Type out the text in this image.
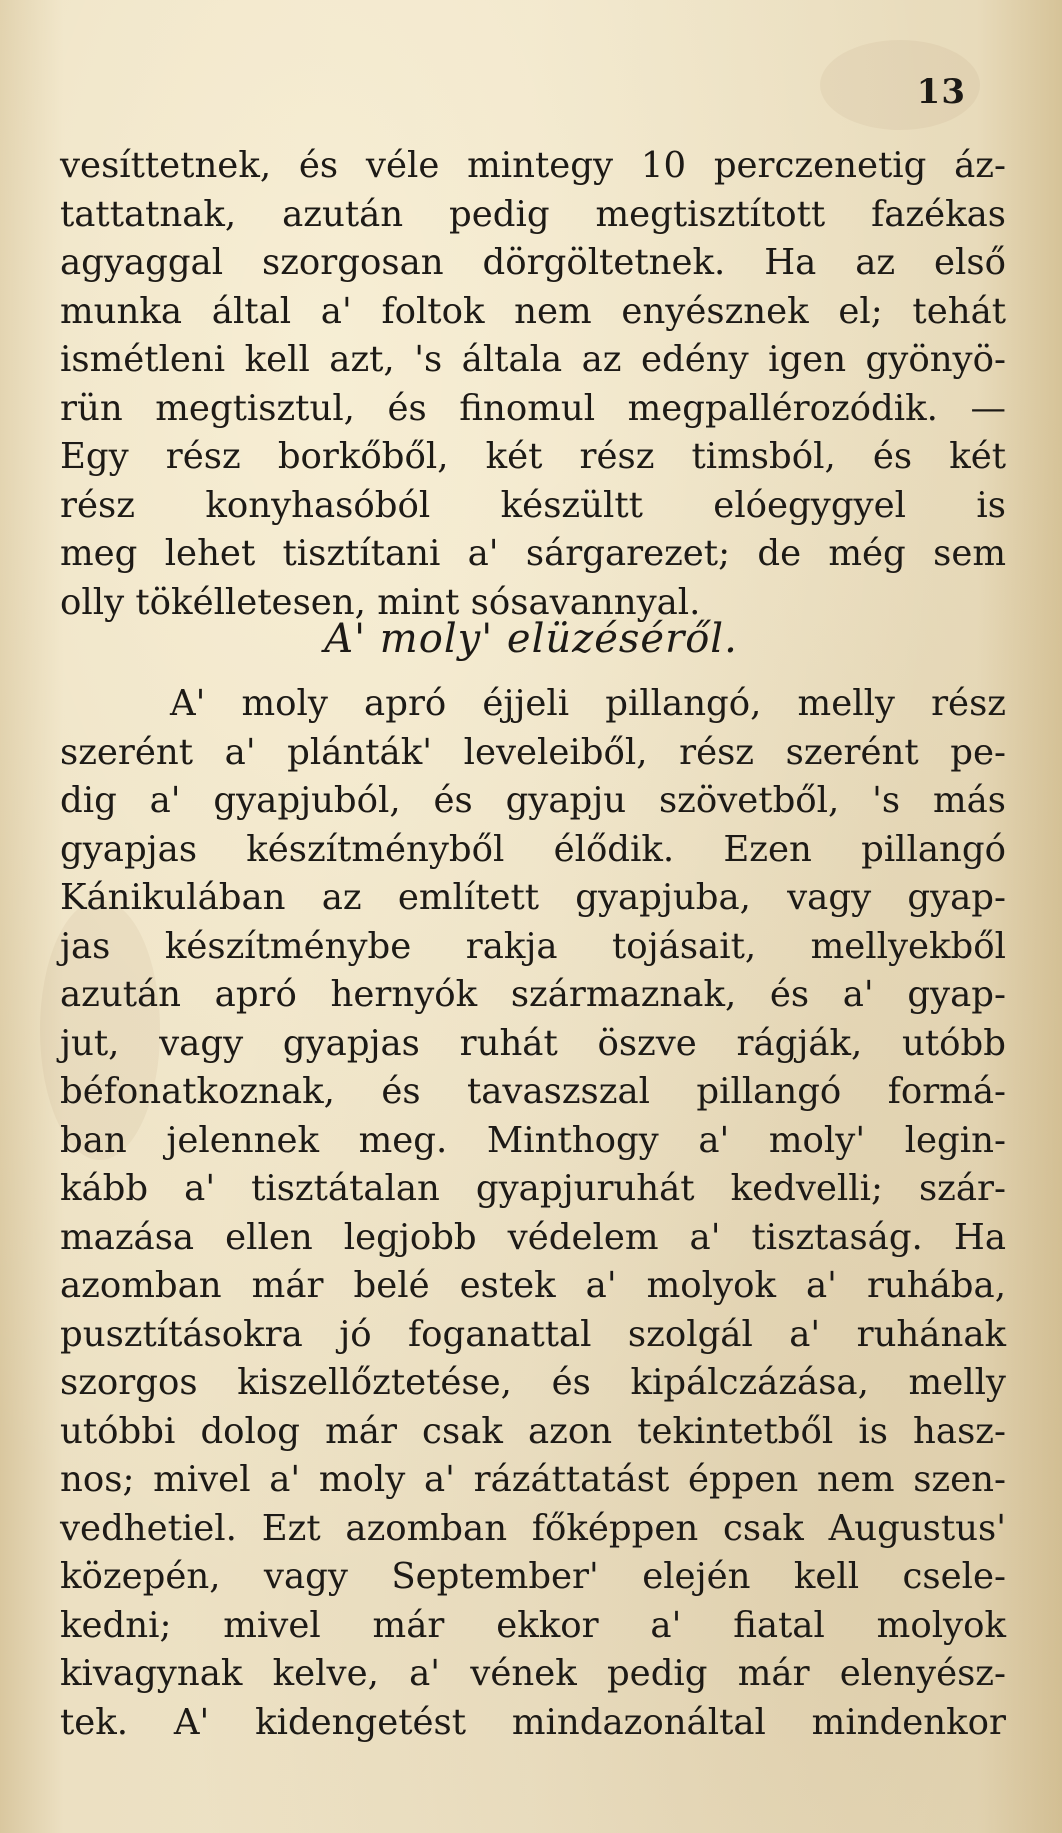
13
vesíttetnek, és véle mintegy 10 perczenetig áz-
tattatnak, azután pedig megtisztított fazékas
agyaggal szorgosan dörgöltetnek. Ha az első
munka által a' foltok nem enyésznek el; tehát
ismétleni kell azt, 's általa az edény igen gyönyö-
rün megtisztul, és finomul megpallérozódik. —
Egy rész borkőből, két rész timsból, és két
rész konyhasóból készültt elóegygyel is
meg lehet tisztítani a' sárgarezet; de még sem
olly tökélletesen, mint sósavannyal.
A' moly' elüzéséről.
A' moly apró éjjeli pillangó, melly rész
szerént a' plánták' leveleiből, rész szerént pe-
dig a' gyapjuból, és gyapju szövetből, 's más
gyapjas készítményből élődik. Ezen pillangó
Kánikulában az említett gyapjuba, vagy gyap-
jas készítménybe rakja tojásait, mellyekből
azután apró hernyók származnak, és a' gyap-
jut, vagy gyapjas ruhát öszve rágják, utóbb
béfonatkoznak, és tavaszszal pillangó formá-
ban jelennek meg. Minthogy a' moly' legin-
kább a' tisztátalan gyapjuruhát kedvelli; szár-
mazása ellen legjobb védelem a' tisztaság. Ha
azomban már belé estek a' molyok a' ruhába,
pusztításokra jó foganattal szolgál a' ruhának
szorgos kiszellőztetése, és kipálczázása, melly
utóbbi dolog már csak azon tekintetből is hasz-
nos; mivel a' moly a' rázáttatást éppen nem szen-
vedhetiel. Ezt azomban főképpen csak Augustus'
közepén, vagy September' elején kell csele-
kedni; mivel már ekkor a' fiatal molyok
kivagynak kelve, a' vének pedig már elenyész-
tek. A' kidengetést mindazonáltal mindenkor
